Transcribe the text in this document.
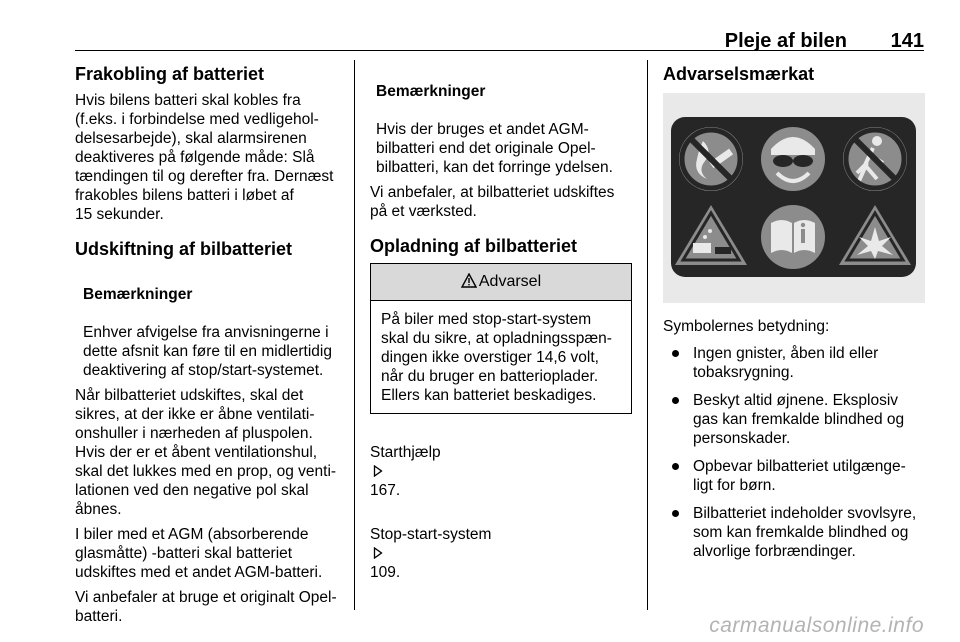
Pleje af bilen 141
Frakobling af batteriet
Hvis bilens batteri skal kobles fra
(f.eks. i forbindelse med vedligehol-
delsesarbejde), skal alarmsirenen
deaktiveres på følgende måde: Slå
tændingen til og derefter fra. Dernæst
frakobles bilens batteri i løbet af
15 sekunder.
Udskiftning af bilbatteriet

Bemærkninger

Enhver afvigelse fra anvisningerne i
dette afsnit kan føre til en midlertidig
deaktivering af stop/start-systemet.

Når bilbatteriet udskiftes, skal det
sikres, at der ikke er åbne ventilati-
onshuller i nærheden af pluspolen.
Hvis der er et åbent ventilationshul,
skal det lukkes med en prop, og venti-
lationen ved den negative pol skal
åbnes.
I biler med et AGM (absorberende
glasmåtte) -batteri skal batteriet
udskiftes med et andet AGM-batteri.
Vi anbefaler at bruge et originalt Opel-
batteri.

Bemærkninger

Hvis der bruges et andet AGM-
bilbatteri end det originale Opel-
bilbatteri, kan det forringe ydelsen.

Vi anbefaler, at bilbatteriet udskiftes
på et værksted.
Opladning af bilbatteriet
Advarsel
På biler med stop-start-system
skal du sikre, at opladningsspæn-
dingen ikke overstiger 14,6 volt,
når du bruger en batterioplader.
Ellers kan batteriet beskadiges.

Starthjælp

167.

Stop-start-system

109.

Advarselsmærkat
Symbolernes betydning:
Ingen gnister, åben ild eller
tobaksrygning.
Beskyt altid øjnene. Eksplosiv
gas kan fremkalde blindhed og
personskader.
Opbevar bilbatteriet utilgænge-
ligt for børn.
Bilbatteriet indeholder svovlsyre,
som kan fremkalde blindhed og
alvorlige forbrændinger.
carmanualsonline.info
